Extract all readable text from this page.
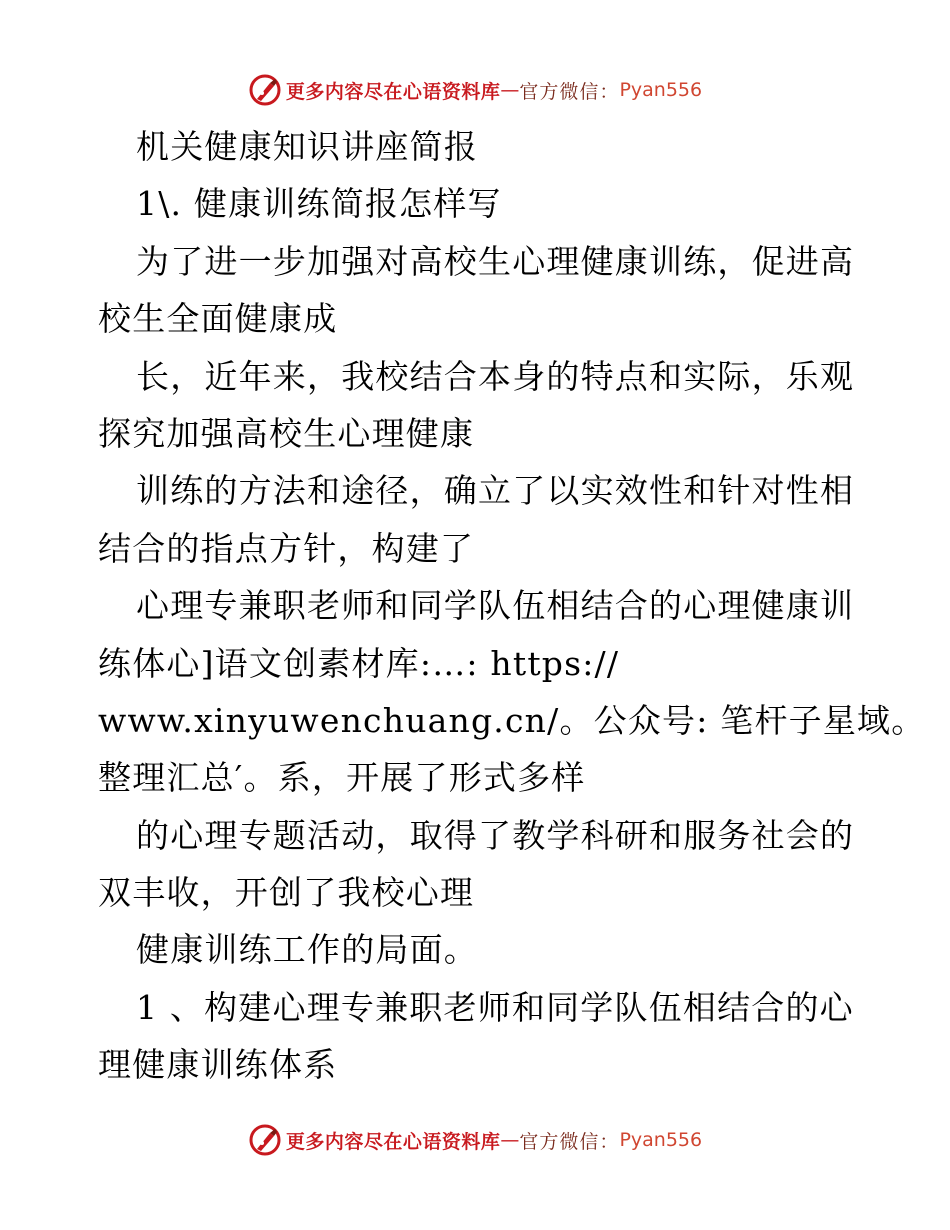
更多内容尽在心语资料库 — 官方微信： Pyan556
机关健康知识讲座简报
1\. 健康训练简报怎样写
为了进一步加强对高校生心理健康训练，促进高
校生全面健康成
长，近年来，我校结合本身的特点和实际，乐观
探究加强高校生心理健康
训练的方法和途径，确立了以实效性和针对性相
结合的指点方针，构建了
心理专兼职老师和同学队伍相结合的心理健康训
练体心]语文创素材库:…: https://
www.xinyuwenchuang.cn/。公众号: 笔杆子星域。
整理汇总′。系，开展了形式多样
的心理专题活动，取得了教学科研和服务社会的
双丰收，开创了我校心理
健康训练工作的局面。
1 、构建心理专兼职老师和同学队伍相结合的心
理健康训练体系
更多内容尽在心语资料库 — 官方微信： Pyan556
